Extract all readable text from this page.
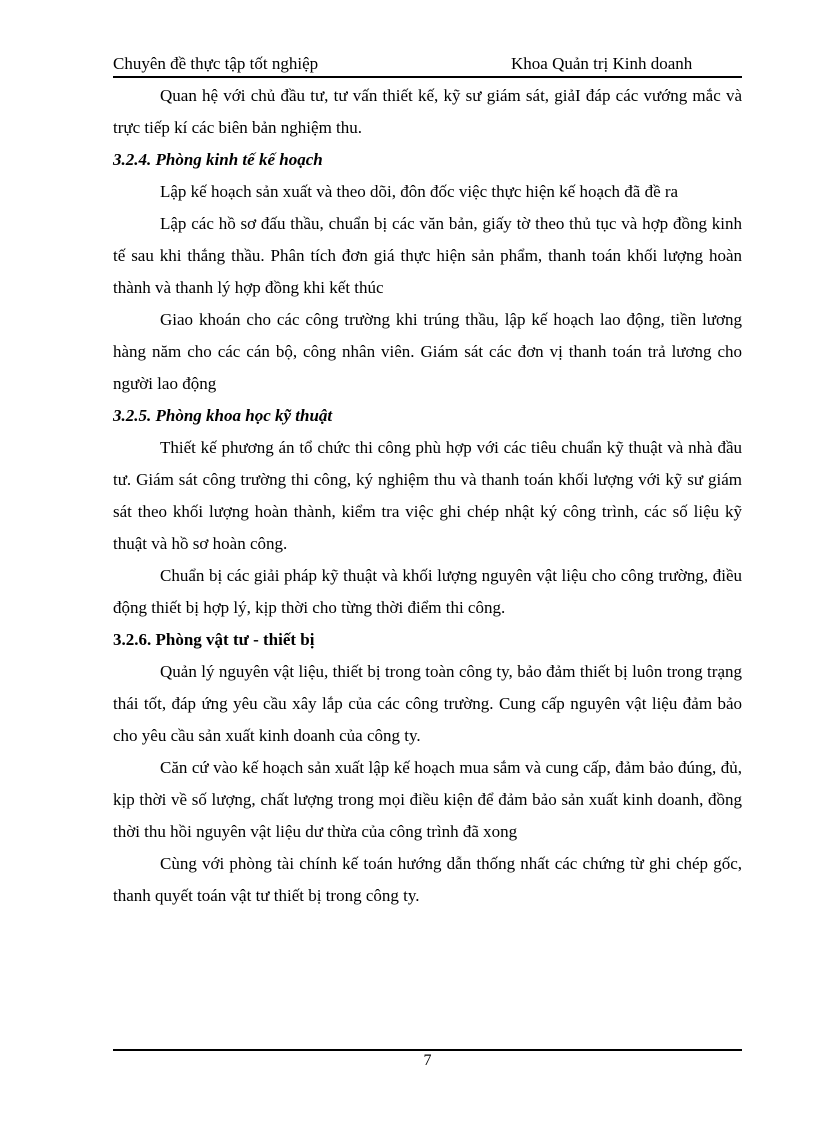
Chuyên đề thực tập tốt nghiệp	Khoa Quản trị Kinh doanh

Quan hệ với chủ đầu tư, tư vấn thiết kế, kỹ sư giám sát, giảI đáp các vướng mắc và trực tiếp kí các biên bản nghiệm thu.

3.2.4. Phòng kinh tế kế hoạch

Lập kế hoạch sản xuất và theo dõi, đôn đốc việc thực hiện kế hoạch đã đề ra

Lập các hồ sơ đấu thầu, chuẩn bị các văn bản, giấy tờ theo thủ tục và hợp đồng kinh tế sau khi thắng thầu. Phân tích đơn giá thực hiện sản phẩm, thanh toán khối lượng hoàn thành và thanh lý hợp đồng khi kết thúc

Giao khoán cho các công trường khi trúng thầu, lập kế hoạch lao động, tiền lương hàng năm cho các cán bộ, công nhân viên. Giám sát các đơn vị thanh toán trả lương cho người lao động

3.2.5. Phòng khoa học kỹ thuật

Thiết kế phương án tổ chức thi công phù hợp với các tiêu chuẩn kỹ thuật và nhà đầu tư. Giám sát công trường thi công, ký nghiệm thu và thanh toán khối lượng với kỹ sư giám sát theo khối lượng hoàn thành, kiểm tra việc ghi chép nhật ký công trình, các số liệu kỹ thuật và hồ sơ hoàn công.

Chuẩn bị các giải pháp kỹ thuật và khối lượng nguyên vật liệu cho công trường, điều động thiết bị hợp lý, kịp thời cho từng thời điểm thi công.

3.2.6. Phòng vật tư - thiết bị

Quản lý nguyên vật liệu, thiết bị trong toàn công ty, bảo đảm thiết bị luôn trong trạng thái tốt, đáp ứng yêu cầu xây lắp của các công trường. Cung cấp nguyên vật liệu đảm bảo cho yêu cầu sản xuất kinh doanh của công ty.

Căn cứ vào kế hoạch sản xuất lập kế hoạch mua sắm và cung cấp, đảm bảo đúng, đủ, kịp thời về số lượng, chất lượng trong mọi điều kiện để đảm bảo sản xuất kinh doanh, đồng thời thu hồi nguyên vật liệu dư thừa của công trình đã xong

Cùng với phòng tài chính kế toán hướng dẫn thống nhất các chứng từ ghi chép gốc, thanh quyết toán vật tư thiết bị trong công ty.

7
